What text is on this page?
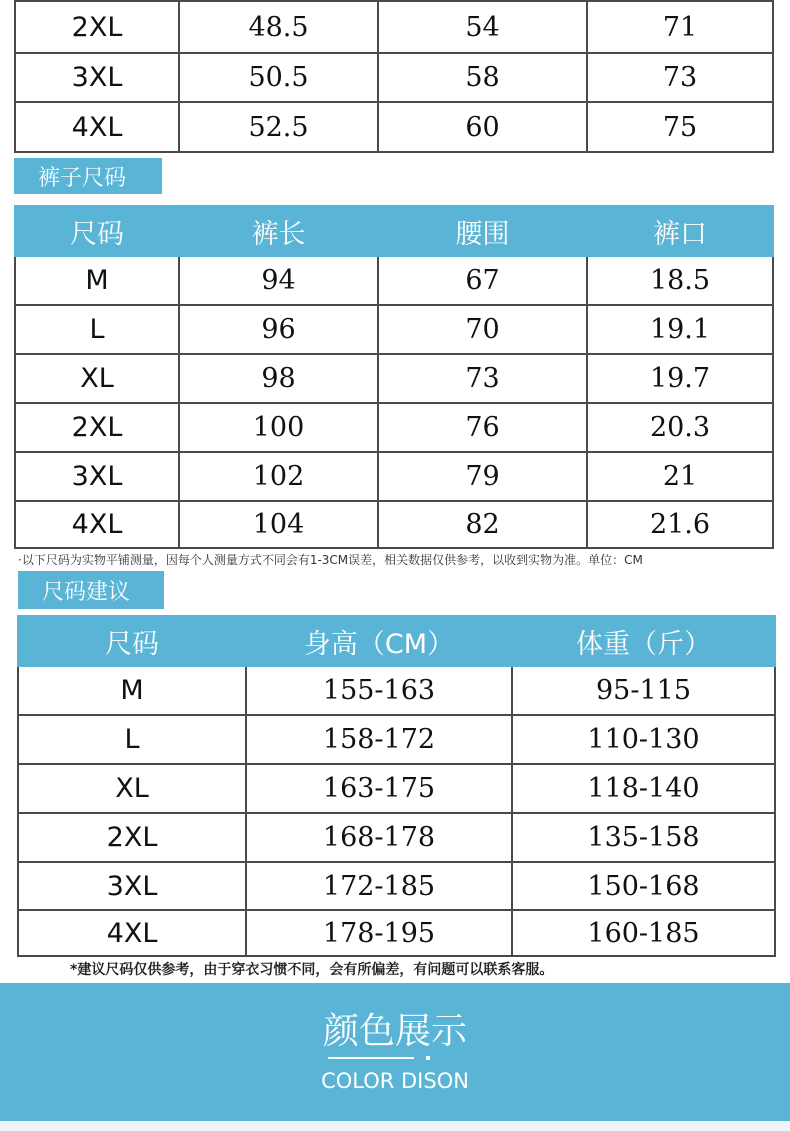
2XL	48.5	54	71
3XL	50.5	58	73
4XL	52.5	60	75
裤子尺码
尺码	裤长	腰围	裤口
M	94	67	18.5
L	96	70	19.1
XL	98	73	19.7
2XL	100	76	20.3
3XL	102	79	21
4XL	104	82	21.6
·以下尺码为实物平铺测量，因每个人测量方式不同会有1-3CM误差，相关数据仅供参考，以收到实物为准。单位：CM
尺码建议
尺码	身高（CM）	体重（斤）
M	155-163	95-115
L	158-172	110-130
XL	163-175	118-140
2XL	168-178	135-158
3XL	172-185	150-168
4XL	178-195	160-185
*建议尺码仅供参考，由于穿衣习惯不同，会有所偏差，有问题可以联系客服。
颜色展示
COLOR DISON
